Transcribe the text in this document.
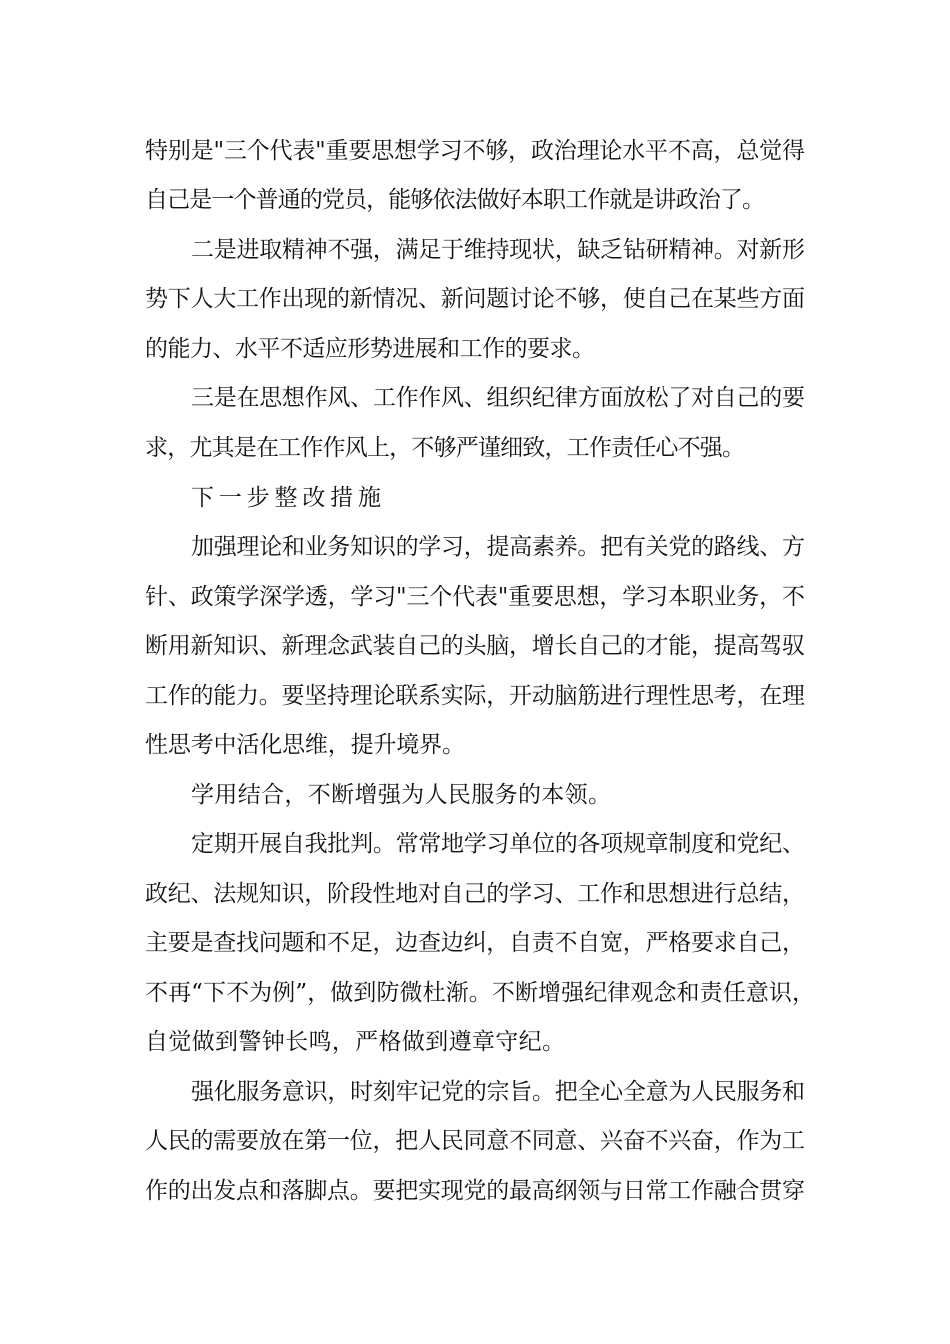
特别是"三个代表"重要思想学习不够，政治理论水平不高，总觉得
自己是一个普通的党员，能够依法做好本职工作就是讲政治了。
二是进取精神不强，满足于维持现状，缺乏钻研精神。对新形
势下人大工作出现的新情况、新问题讨论不够，使自己在某些方面
的能力、水平不适应形势进展和工作的要求。
三是在思想作风、工作作风、组织纪律方面放松了对自己的要
求，尤其是在工作作风上，不够严谨细致，工作责任心不强。
下一步整改措施
加强理论和业务知识的学习，提高素养。把有关党的路线、方
针、政策学深学透，学习"三个代表"重要思想，学习本职业务，不
断用新知识、新理念武装自己的头脑，增长自己的才能，提高驾驭
工作的能力。要坚持理论联系实际，开动脑筋进行理性思考，在理
性思考中活化思维，提升境界。
学用结合，不断增强为人民服务的本领。
定期开展自我批判。常常地学习单位的各项规章制度和党纪、
政纪、法规知识，阶段性地对自己的学习、工作和思想进行总结，
主要是查找问题和不足，边查边纠，自责不自宽，严格要求自己，
不再“下不为例”，做到防微杜渐。不断增强纪律观念和责任意识，
自觉做到警钟长鸣，严格做到遵章守纪。
强化服务意识，时刻牢记党的宗旨。把全心全意为人民服务和
人民的需要放在第一位，把人民同意不同意、兴奋不兴奋，作为工
作的出发点和落脚点。要把实现党的最高纲领与日常工作融合贯穿
